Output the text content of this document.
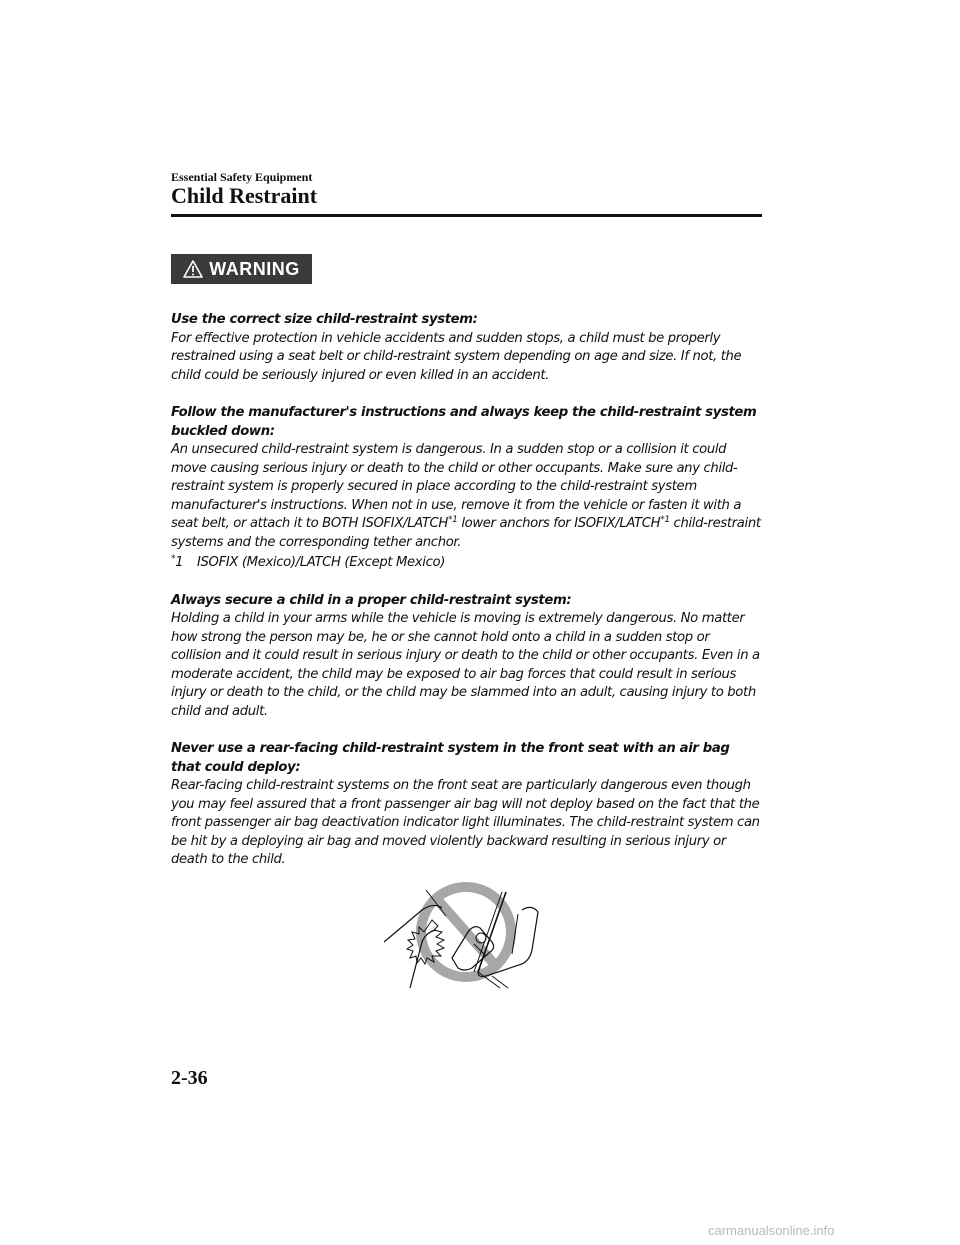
Essential Safety Equipment
Child Restraint
WARNING

Use the correct size child-restraint system:
For effective protection in vehicle accidents and sudden stops, a child must be properly restrained using a seat belt or child-restraint system depending on age and size. If not, the child could be seriously injured or even killed in an accident.

Follow the manufacturer's instructions and always keep the child-restraint system buckled down:
An unsecured child-restraint system is dangerous. In a sudden stop or a collision it could move causing serious injury or death to the child or other occupants. Make sure any child-restraint system is properly secured in place according to the child-restraint system manufacturer's instructions. When not in use, remove it from the vehicle or fasten it with a seat belt, or attach it to BOTH ISOFIX/LATCH$^{*1}$ lower anchors for ISOFIX/LATCH$^{*1}$ child-restraint systems and the corresponding tether anchor.

*1 ISOFIX (Mexico)/LATCH (Except Mexico)

Always secure a child in a proper child-restraint system:
Holding a child in your arms while the vehicle is moving is extremely dangerous. No matter how strong the person may be, he or she cannot hold onto a child in a sudden stop or collision and it could result in serious injury or death to the child or other occupants. Even in a moderate accident, the child may be exposed to air bag forces that could result in serious injury or death to the child, or the child may be slammed into an adult, causing injury to both child and adult.

Never use a rear-facing child-restraint system in the front seat with an air bag that could deploy:
Rear-facing child-restraint systems on the front seat are particularly dangerous even though you may feel assured that a front passenger air bag will not deploy based on the fact that the front passenger air bag deactivation indicator light illuminates. The child-restraint system can be hit by a deploying air bag and moved violently backward resulting in serious injury or death to the child.

2-36
carmanualsonline.info
